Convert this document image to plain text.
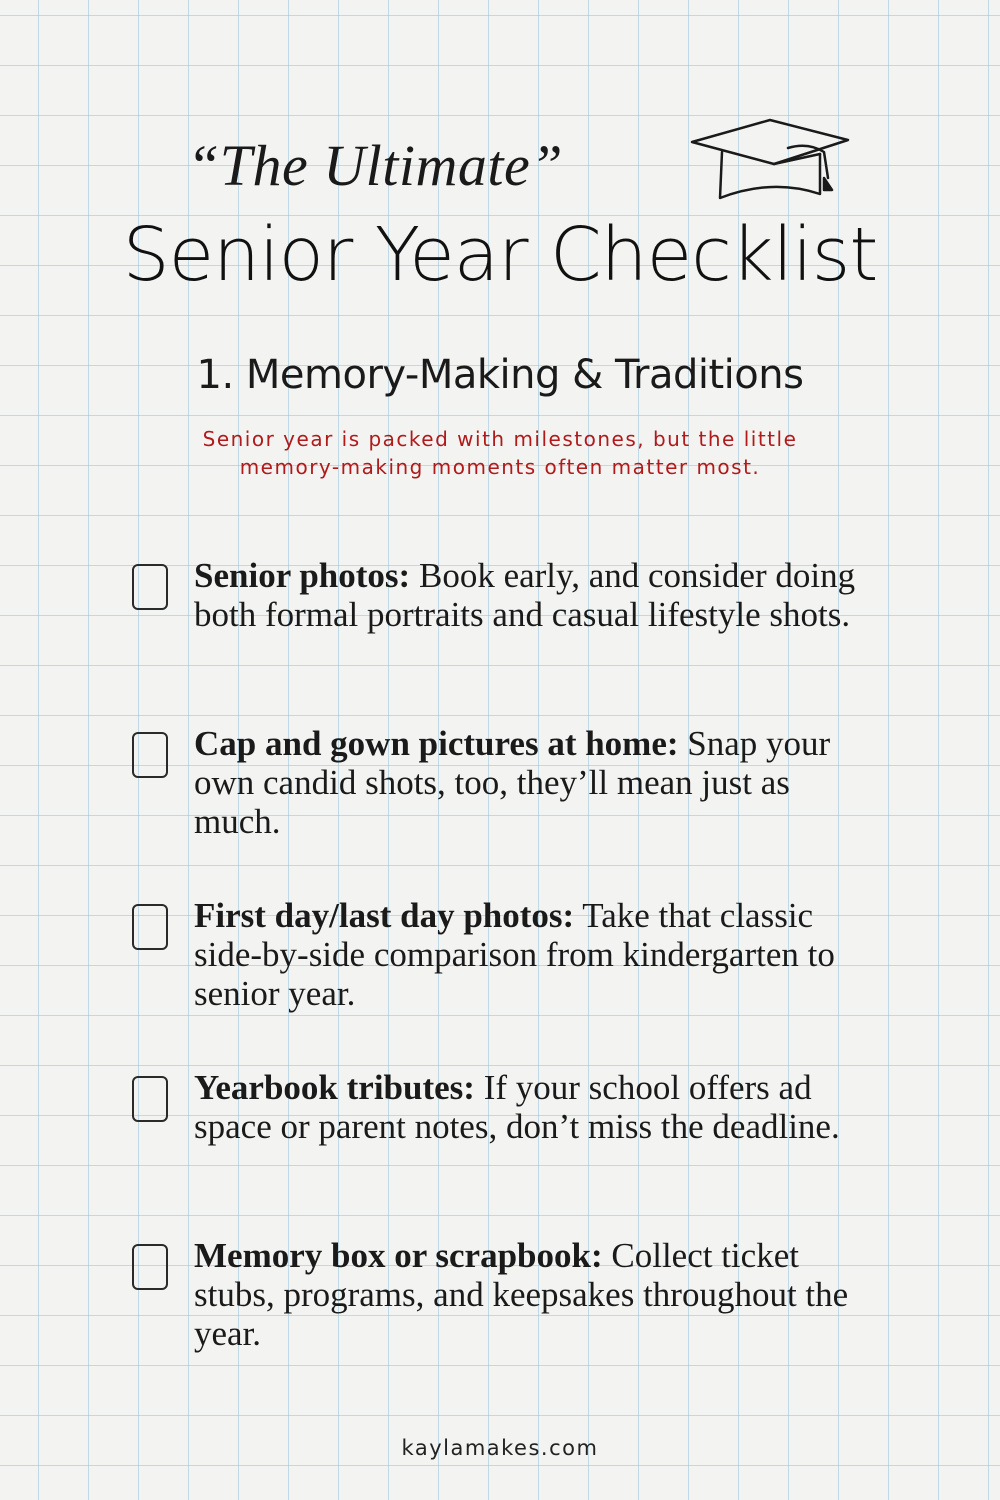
“The Ultimate”
Senior Year Checklist
1. Memory-Making & Traditions
Senior year is packed with milestones, but the little memory-making moments often matter most.
Senior photos: Book early, and consider doing both formal portraits and casual lifestyle shots.
Cap and gown pictures at home: Snap your own candid shots, too, they’ll mean just as much.
First day/last day photos: Take that classic side-by-side comparison from kindergarten to senior year.
Yearbook tributes: If your school offers ad space or parent notes, don’t miss the deadline.
Memory box or scrapbook: Collect ticket stubs, programs, and keepsakes throughout the year.
kaylamakes.com
